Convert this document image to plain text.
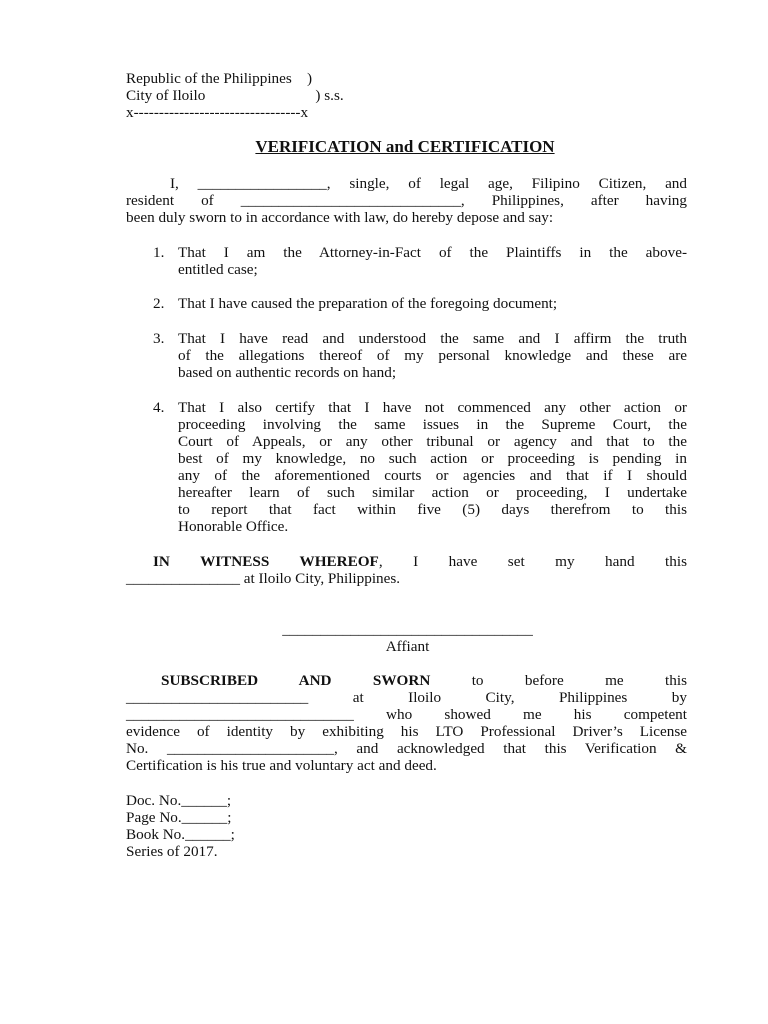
Republic of the Philippines    )
City of Iloilo                             ) s.s.
x---------------------------------x
VERIFICATION and CERTIFICATION
I, _________________, single, of legal age, Filipino Citizen, and
resident of _____________________________, Philippines, after having
been duly sworn to in accordance with law, do hereby depose and say:
1. That I am the Attorney-in-Fact of the Plaintiffs in the above-
entitled case;
2. That I have caused the preparation of the foregoing document;
3. That I have read and understood the same and I affirm the truth
of the allegations thereof of my personal knowledge and these are
based on authentic records on hand;
4. That I also certify that I have not commenced any other action or
proceeding involving the same issues in the Supreme Court, the
Court of Appeals, or any other tribunal or agency and that to the
best of my knowledge, no such action or proceeding is pending in
any of the aforementioned courts or agencies and that if I should
hereafter learn of such similar action or proceeding, I undertake
to report that fact within five (5) days therefrom to this
Honorable Office.
IN WITNESS WHEREOF, I have set my hand this
_______________ at Iloilo City, Philippines.
_________________________________
Affiant
SUBSCRIBED AND SWORN to before me this
________________________ at Iloilo City, Philippines by
______________________________ who showed me his competent
evidence of identity by exhibiting his LTO Professional Driver’s License
No. ______________________, and acknowledged that this Verification &
Certification is his true and voluntary act and deed.
Doc. No.______;
Page No.______;
Book No.______;
Series of 2017.
